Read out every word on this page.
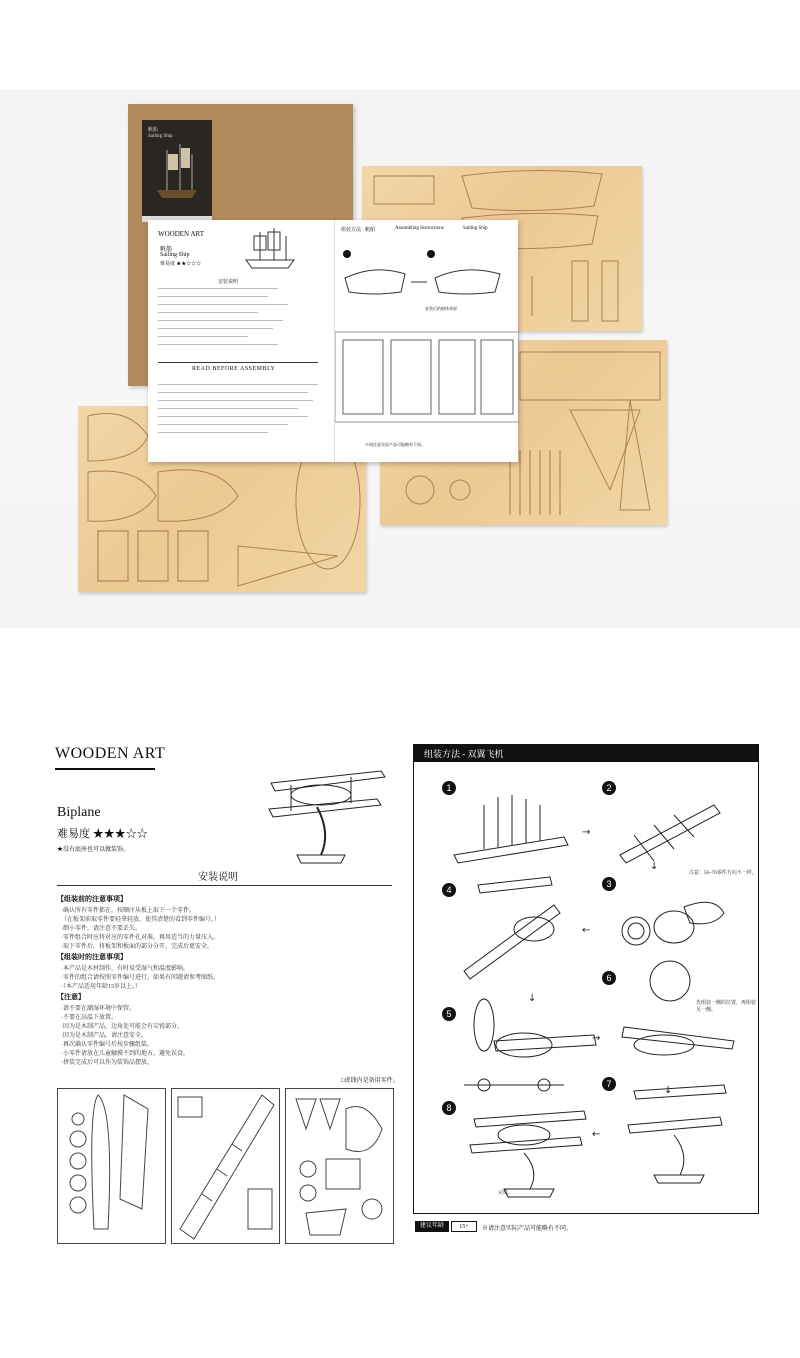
帆船
Sailing Ship
WOODEN ART
帆船
Sailing Ship
难易度 ★★☆☆☆
安装说明
READ BEFORE ASSEMBLY
组装方法 · 帆船	Assembling Instructions	Sailing Ship
安装后的船体效果
※请注意实际产品可能略有不同。
WOODEN ART
Biplane
难易度 ★★★☆☆
★没有底座也可以做装饰。
安装说明
【组装前的注意事项】
·确认所有零件都在，按顺序从板上取下一个零件。
（在板架前取零件要轻拿轻放，使其清楚的看到零件编号，）
·细小零件，请注意不要丢失。
·零件组合时应将对应的零件孔对准，再用适当的力量压入。
·取下零件后，将板架和板面的部分分开，完成后更安全。
【组装时的注意事项】
·本产品是木材制作，有时易受湿气和温度影响。
·零件的组合请按照零件编号进行，如果有问题请参考图纸。
·（本产品适用年龄15岁以上。）
【注意】
·请不要在潮湿环境中保管。
·不要在高温下放置。
·因为是木制产品，边角处可能会有尖锐部分。
·因为是木制产品，请注意安全。
·再次确认零件编号后按步骤组装。
·小零件请放在儿童触摸不到的地方，避免误食。
·拼装完成后可以作为装饰品摆放。
□虚线内是备用零件。
组装方法 - 双翼飞机
1	2
3
4
5
6
7
8
→
↓
←
↓
→
↓
←
注意：56~70零件方向不一样。
先组装一侧的位置，再组装另一侧。
完成。
建议年龄	15+	※请注意实际产品可能略有不同。
